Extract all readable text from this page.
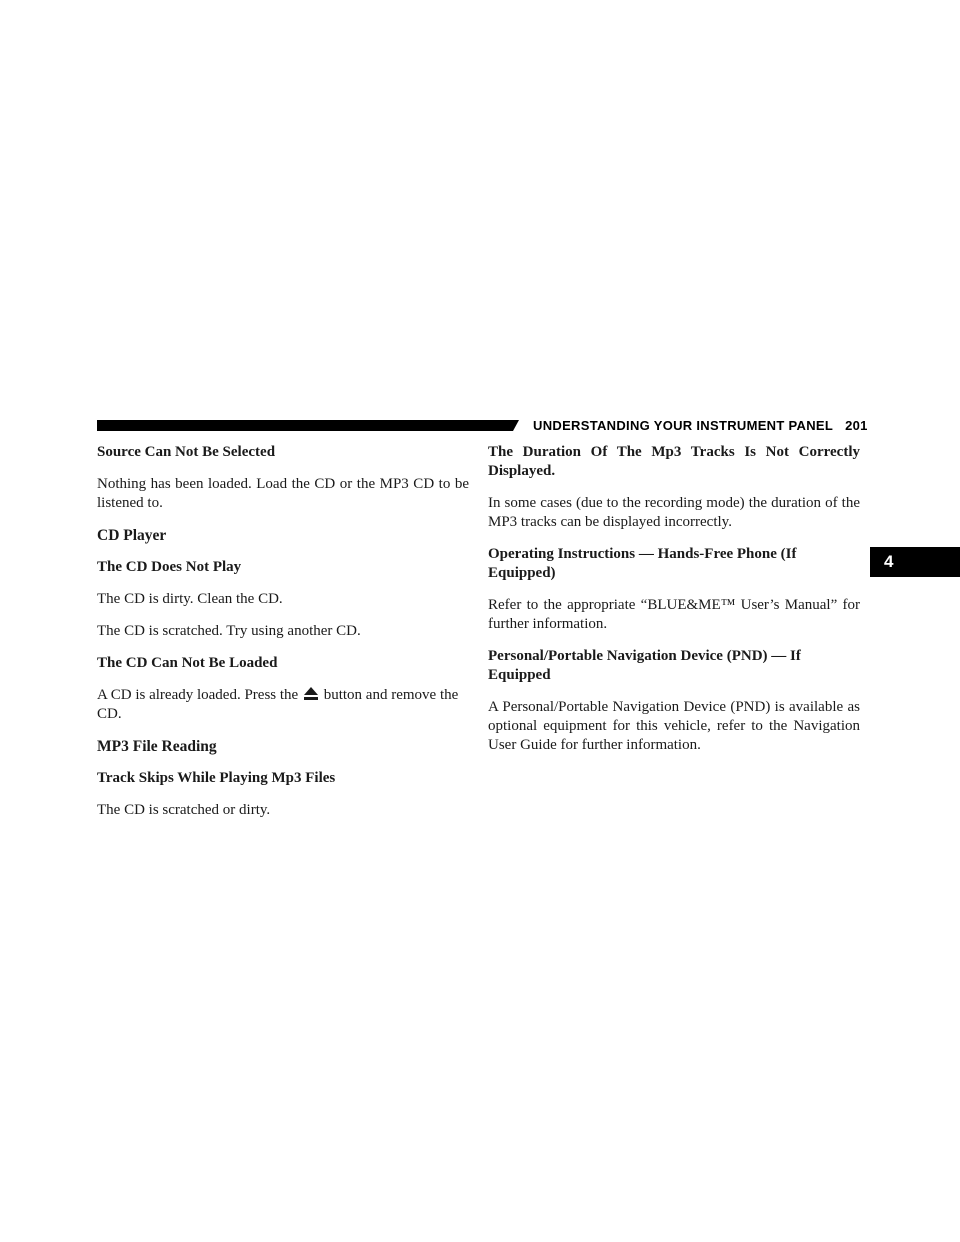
UNDERSTANDING YOUR INSTRUMENT PANEL 201
4
Source Can Not Be Selected
Nothing has been loaded. Load the CD or the MP3 CD to be listened to.
CD Player
The CD Does Not Play
The CD is dirty. Clean the CD.
The CD is scratched. Try using another CD.
The CD Can Not Be Loaded
A CD is already loaded. Press the button and remove the CD.
MP3 File Reading
Track Skips While Playing Mp3 Files
The CD is scratched or dirty.
The Duration Of The Mp3 Tracks Is Not Correctly Displayed.
In some cases (due to the recording mode) the duration of the MP3 tracks can be displayed incorrectly.
Operating Instructions — Hands-Free Phone (If Equipped)
Refer to the appropriate “BLUE&ME™ User’s Manual” for further information.
Personal/Portable Navigation Device (PND) — If Equipped
A Personal/Portable Navigation Device (PND) is available as optional equipment for this vehicle, refer to the Navigation User Guide for further information.
